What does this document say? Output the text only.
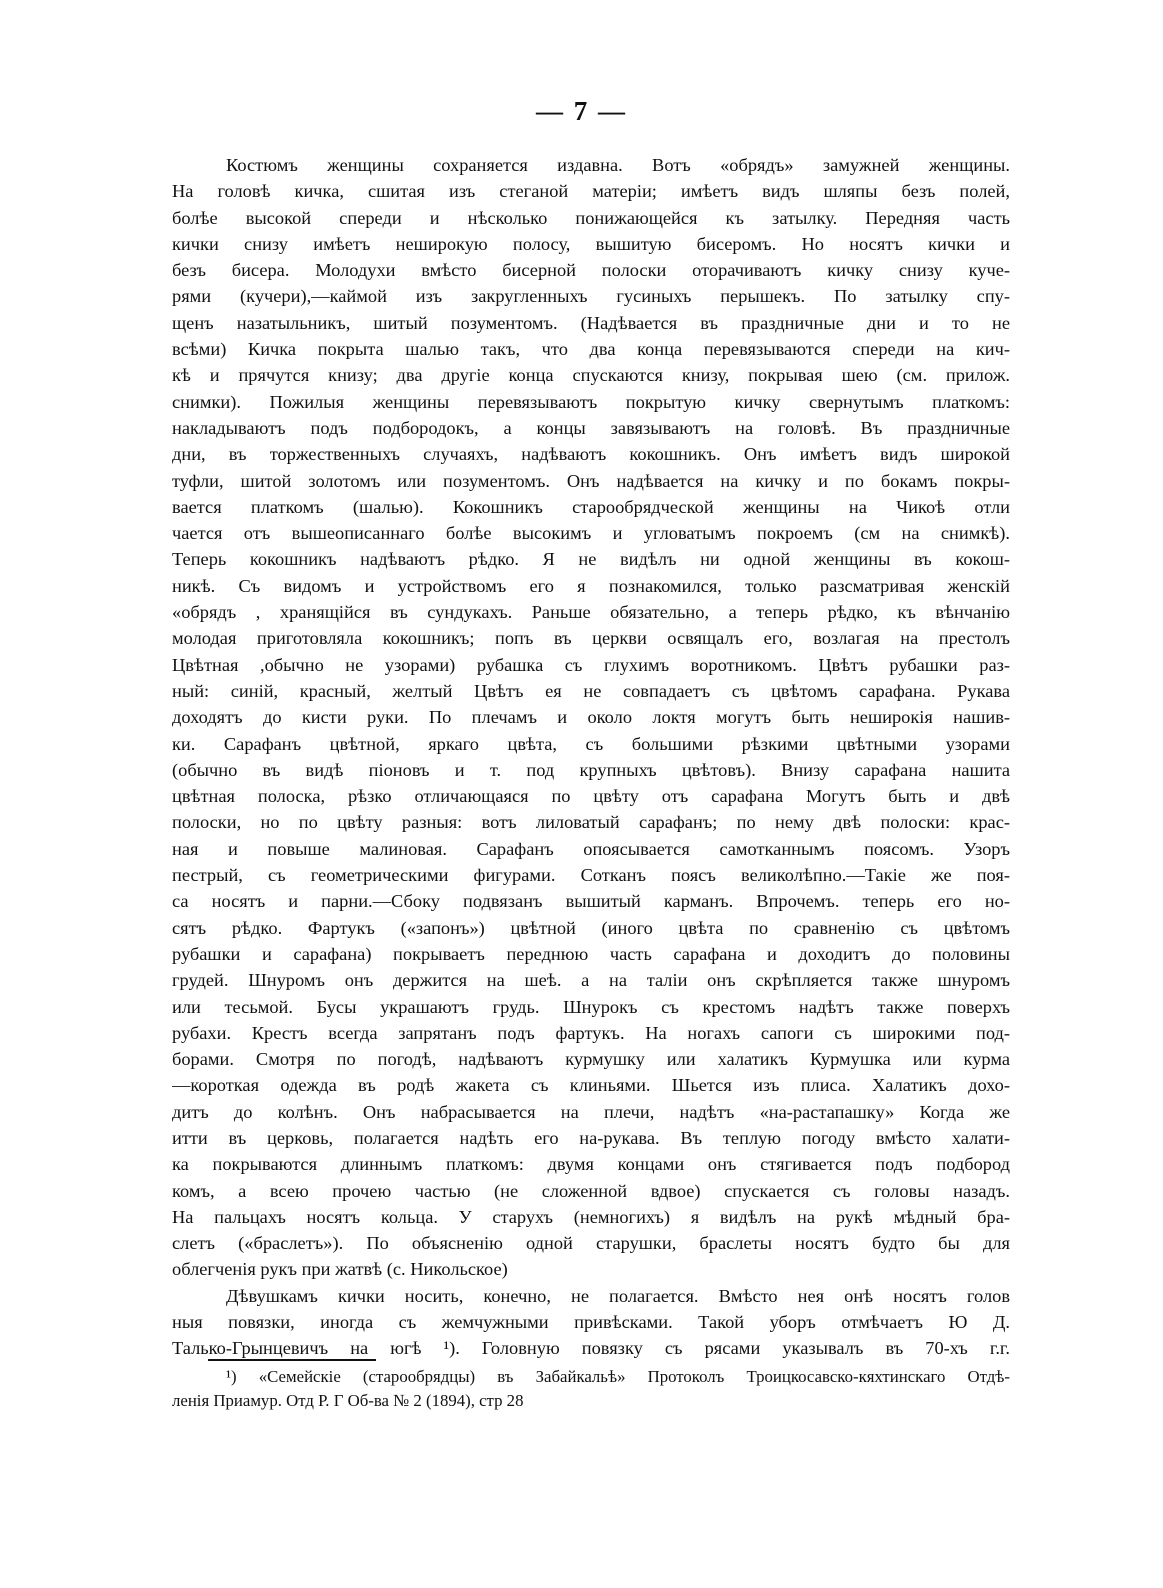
— 7 —
Костюмъ женщины сохраняется издавна. Вотъ «обрядъ» замужней женщины.
На головѣ кичка, сшитая изъ стеганой матеріи; имѣетъ видъ шляпы безъ полей,
болѣе высокой спереди и нѣсколько понижающейся къ затылку. Передняя часть
кички снизу имѣетъ неширокую полосу, вышитую бисеромъ. Но носятъ кички и
безъ бисера. Молодухи вмѣсто бисерной полоски оторачиваютъ кичку снизу куче-
рями (кучери),—каймой изъ закругленныхъ гусиныхъ перышекъ. По затылку спу-
щенъ назатыльникъ, шитый позументомъ. (Надѣвается въ праздничные дни и то не
всѣми) Кичка покрыта шалью такъ, что два конца перевязываются спереди на кич-
кѣ и прячутся книзу; два другіе конца спускаются книзу, покрывая шею (см. прилож.
снимки). Пожилыя женщины перевязываютъ покрытую кичку свернутымъ платкомъ:
накладываютъ подъ подбородокъ, а концы завязываютъ на головѣ. Въ праздничные
дни, въ торжественныхъ случаяхъ, надѣваютъ кокошникъ. Онъ имѣетъ видъ широкой
туфли, шитой золотомъ или позументомъ. Онъ надѣвается на кичку и по бокамъ покры-
вается платкомъ (шалью). Кокошникъ старообрядческой женщины на Чикоѣ отли
чается отъ вышеописаннаго болѣе высокимъ и угловатымъ покроемъ (см на снимкѣ).
Теперь кокошникъ надѣваютъ рѣдко. Я не видѣлъ ни одной женщины въ кокош-
никѣ. Съ видомъ и устройствомъ его я познакомился, только разсматривая женскій
«обрядъ , хранящійся въ сундукахъ. Раньше обязательно, а теперь рѣдко, къ вѣнчанію
молодая приготовляла кокошникъ; попъ въ церкви освящалъ его, возлагая на престолъ
Цвѣтная ,обычно не узорами) рубашка съ глухимъ воротникомъ. Цвѣтъ рубашки раз-
ный: синій, красный, желтый Цвѣтъ ея не совпадаетъ съ цвѣтомъ сарафана. Рукава
доходятъ до кисти руки. По плечамъ и около локтя могутъ быть неширокія нашив-
ки. Сарафанъ цвѣтной, яркаго цвѣта, съ большими рѣзкими цвѣтными узорами
(обычно въ видѣ піоновъ и т. под крупныхъ цвѣтовъ). Внизу сарафана нашита
цвѣтная полоска, рѣзко отличающаяся по цвѣту отъ сарафана Могутъ быть и двѣ
полоски, но по цвѣту разныя: вотъ лиловатый сарафанъ; по нему двѣ полоски: крас-
ная и повыше малиновая. Сарафанъ опоясывается самотканнымъ поясомъ. Узоръ
пестрый, съ геометрическими фигурами. Сотканъ поясъ великолѣпно.—Такіе же поя-
са носятъ и парни.—Сбоку подвязанъ вышитый карманъ. Впрочемъ. теперь его но-
сятъ рѣдко. Фартукъ («запонъ») цвѣтной (иного цвѣта по сравненію съ цвѣтомъ
рубашки и сарафана) покрываетъ переднюю часть сарафана и доходитъ до половины
грудей. Шнуромъ онъ держится на шеѣ. а на таліи онъ скрѣпляется также шнуромъ
или тесьмой. Бусы украшаютъ грудь. Шнурокъ съ крестомъ надѣтъ также поверхъ
рубахи. Крестъ всегда запрятанъ подъ фартукъ. На ногахъ сапоги съ широкими под-
борами. Смотря по погодѣ, надѣваютъ курмушку или халатикъ Курмушка или курма
—короткая одежда въ родѣ жакета съ клиньями. Шьется изъ плиса. Халатикъ дохо-
дитъ до колѣнъ. Онъ набрасывается на плечи, надѣтъ «на-растапашку» Когда же
итти въ церковь, полагается надѣть его на-рукава. Въ теплую погоду вмѣсто халати-
ка покрываются длиннымъ платкомъ: двумя концами онъ стягивается подъ подбород
комъ, а всею прочею частью (не сложенной вдвое) спускается съ головы назадъ.
На пальцахъ носятъ кольца. У старухъ (немногихъ) я видѣлъ на рукѣ мѣдный бра-
слетъ («браслетъ»). По объясненію одной старушки, браслеты носятъ будто бы для
облегченія рукъ при жатвѣ (с. Никольское)
Дѣвушкамъ кички носить, конечно, не полагается. Вмѣсто нея онѣ носятъ голов
ныя повязки, иногда съ жемчужными привѣсками. Такой уборъ отмѣчаетъ Ю Д.
Талько-Грынцевичъ на югѣ ¹). Головную повязку съ рясами указывалъ въ 70-хъ г.г.
¹) «Семейскіе (старообрядцы) въ Забайкальѣ» Протоколъ Троицкосавско-кяхтинскаго Отдѣ-
ленія Приамур. Отд Р. Г Об-ва № 2 (1894), стр 28
